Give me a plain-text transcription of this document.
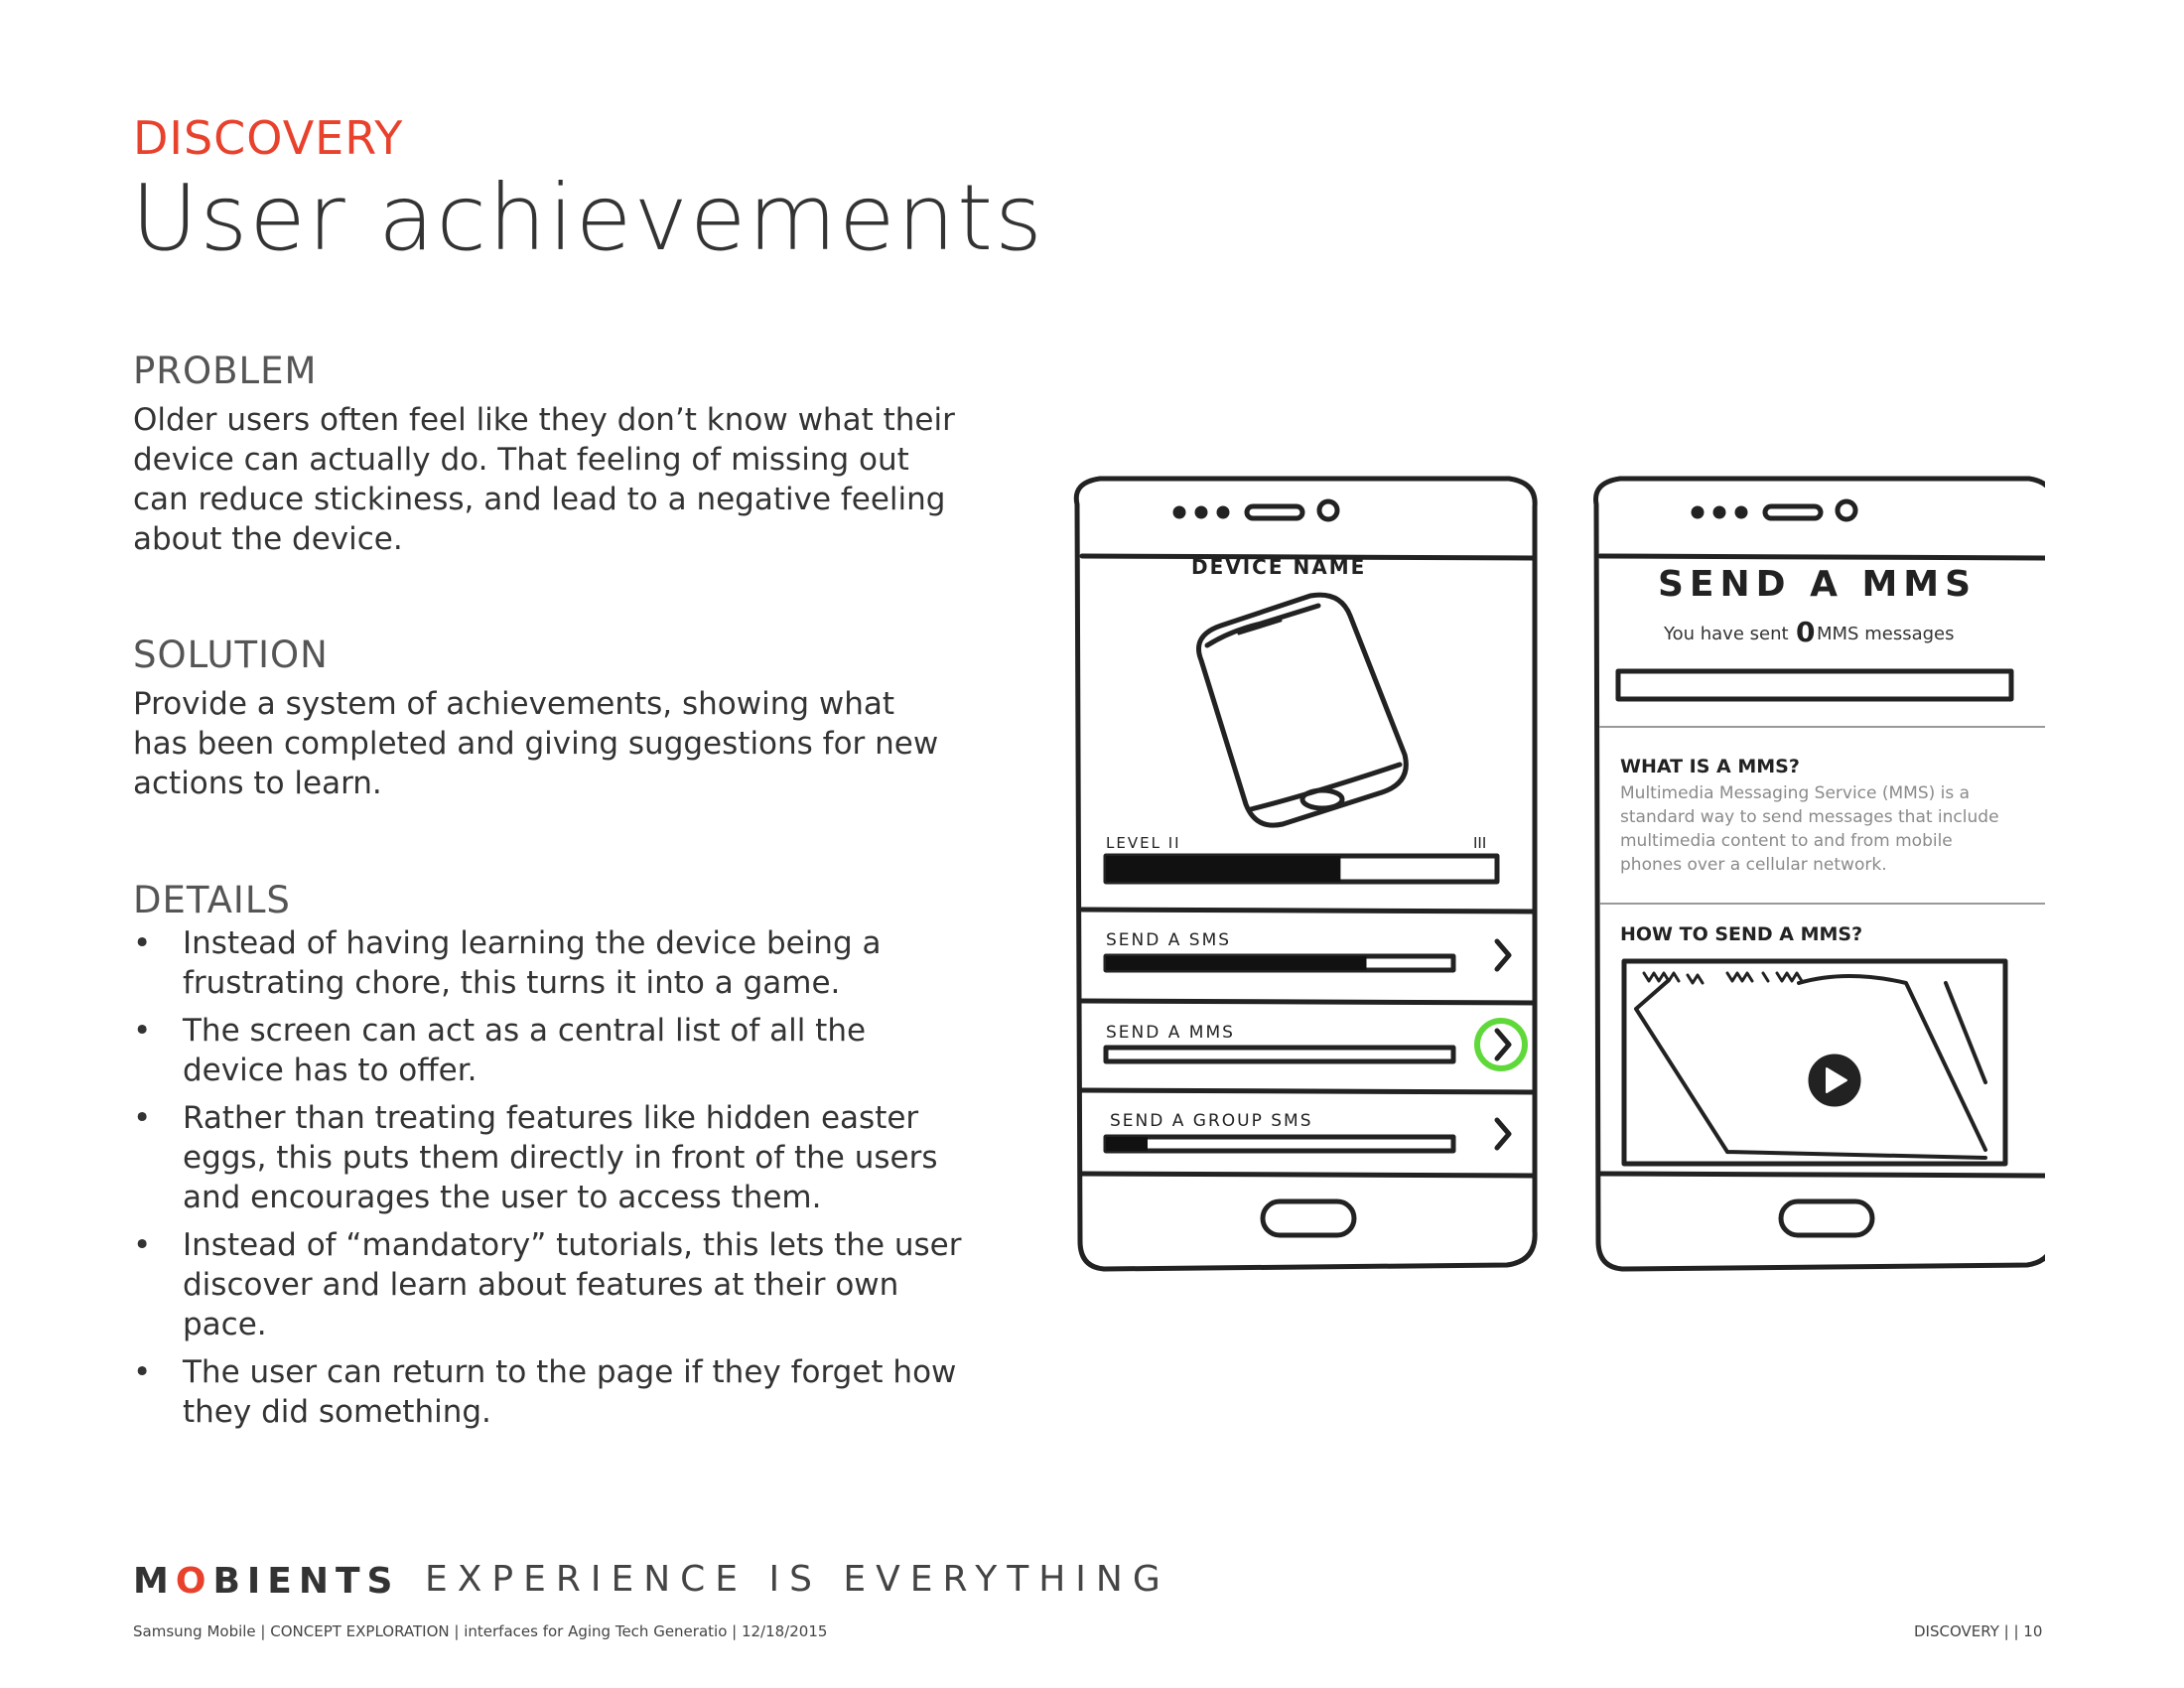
DISCOVERY
User achievements
PROBLEM
Older users often feel like they don’t know what their device can actually do. That feeling of missing out can reduce stickiness, and lead to a negative feeling about the device.
SOLUTION
Provide a system of achievements, showing what has been completed and giving suggestions for new actions to learn.
DETAILS
• Instead of having learning the device being a frustrating chore, this turns it into a game.
• The screen can act as a central list of all the device has to offer.
• Rather than treating features like hidden easter eggs, this puts them directly in front of the users and encourages the user to access them.
• Instead of “mandatory” tutorials, this lets the user discover and learn about features at their own pace.
• The user can return to the page if they forget how they did something.
DEVICE NAME
LEVEL II	III
SEND A SMS
SEND A MMS
SEND A GROUP SMS
SEND A MMS
You have sent 0 MMS messages
WHAT IS A MMS?
Multimedia Messaging Service (MMS) is a
standard way to send messages that include
multimedia content to and from mobile
phones over a cellular network.
HOW TO SEND A MMS?
MOBIENTS EXPERIENCE IS EVERYTHING
Samsung Mobile | CONCEPT EXPLORATION | interfaces for Aging Tech Generatio | 12/18/2015	DISCOVERY | | 10
